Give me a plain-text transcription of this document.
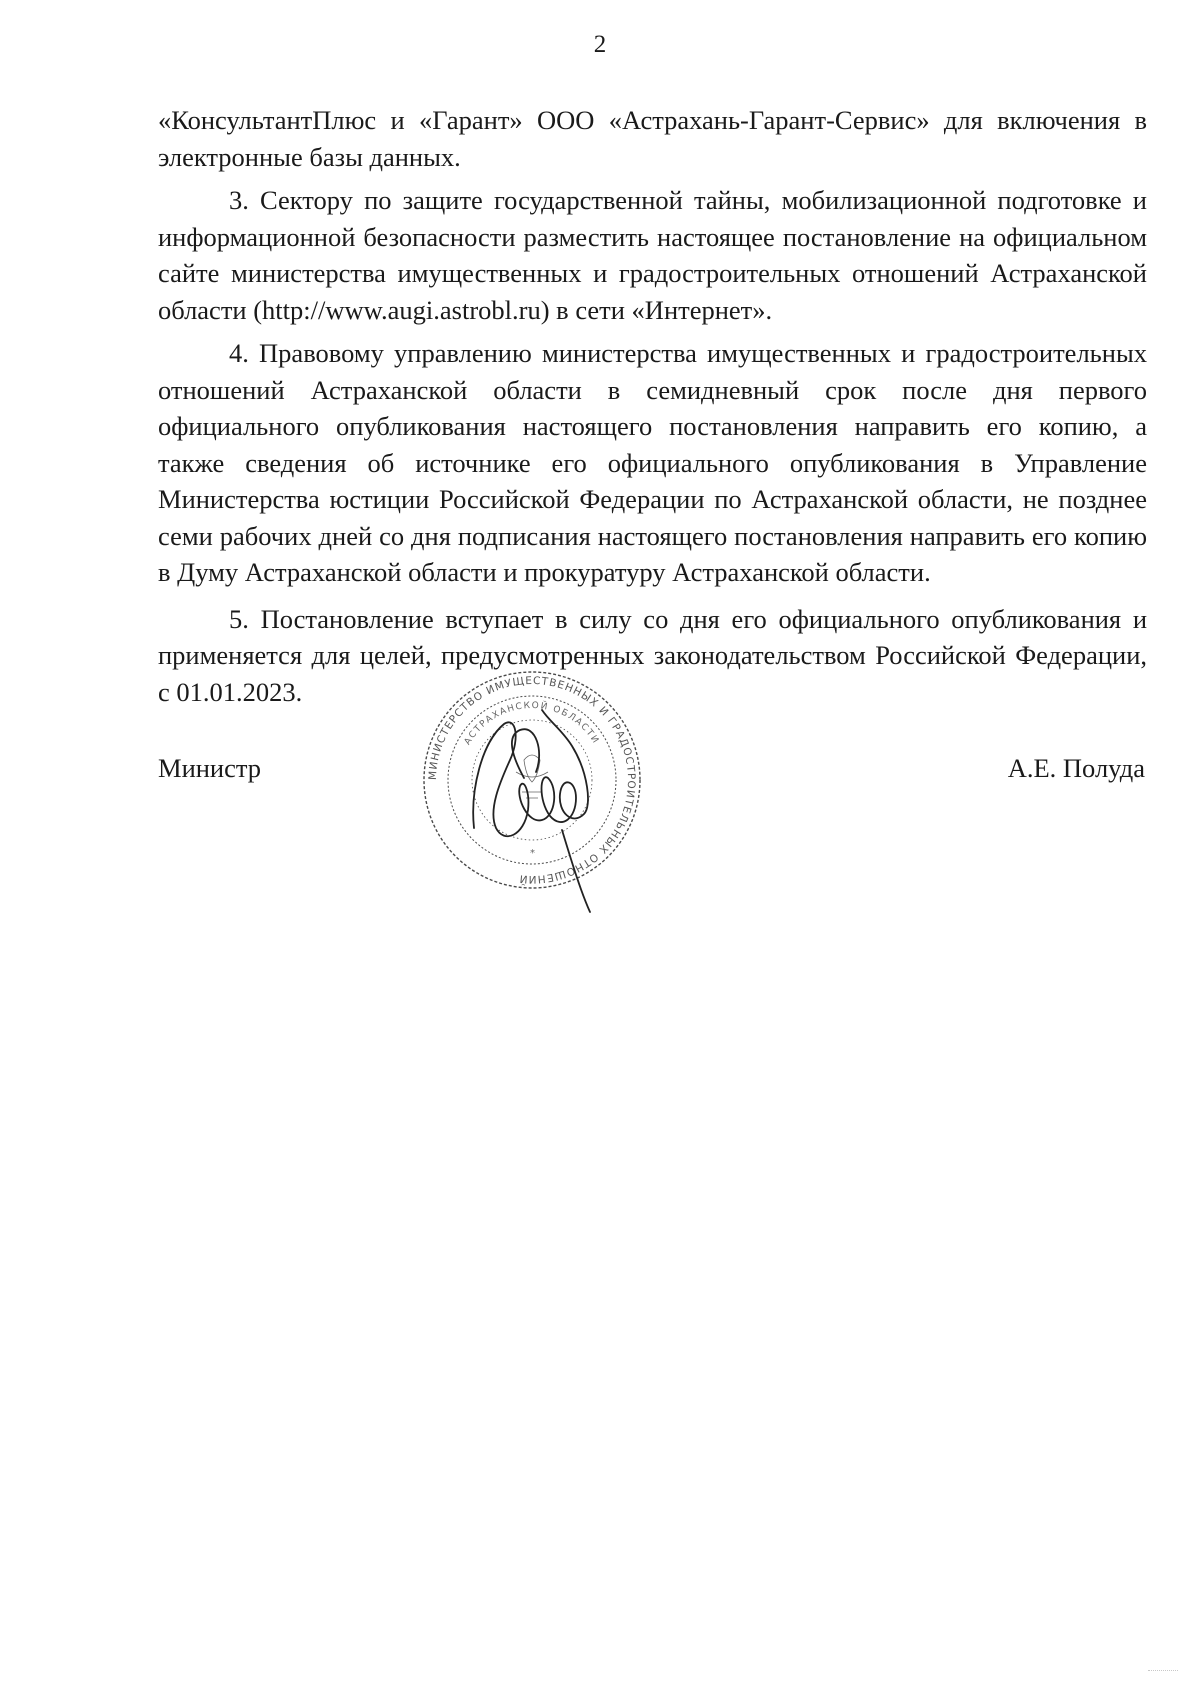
2

«КонсультантПлюс и «Гарант» ООО «Астрахань-Гарант-Сервис» для включения в электронные базы данных.

3. Сектору по защите государственной тайны, мобилизационной подготовке и информационной безопасности разместить настоящее постановление на официальном сайте министерства имущественных и градостроительных отношений Астраханской области (http://www.augi.astrobl.ru) в сети «Интернет».

4. Правовому управлению министерства имущественных и градостроительных отношений Астраханской области в семидневный срок после дня первого официального опубликования настоящего постановления направить его копию, а также сведения об источнике его официального опубликования в Управление Министерства юстиции Российской Федерации по Астраханской области, не позднее семи рабочих дней со дня подписания настоящего постановления направить его копию в Думу Астраханской области и прокуратуру Астраханской области.

5. Постановление вступает в силу со дня его официального опубликования и применяется для целей, предусмотренных законодательством Российской Федерации, с 01.01.2023.

Министр	МИНИСТЕРСТВО ИМУЩЕСТВЕННЫХ И ГРАДОСТРОИТЕЛЬНЫХ ОТНОШЕНИЙ
АСТРАХАНСКОЙ ОБЛАСТИ
*
А.Е. Полуда
